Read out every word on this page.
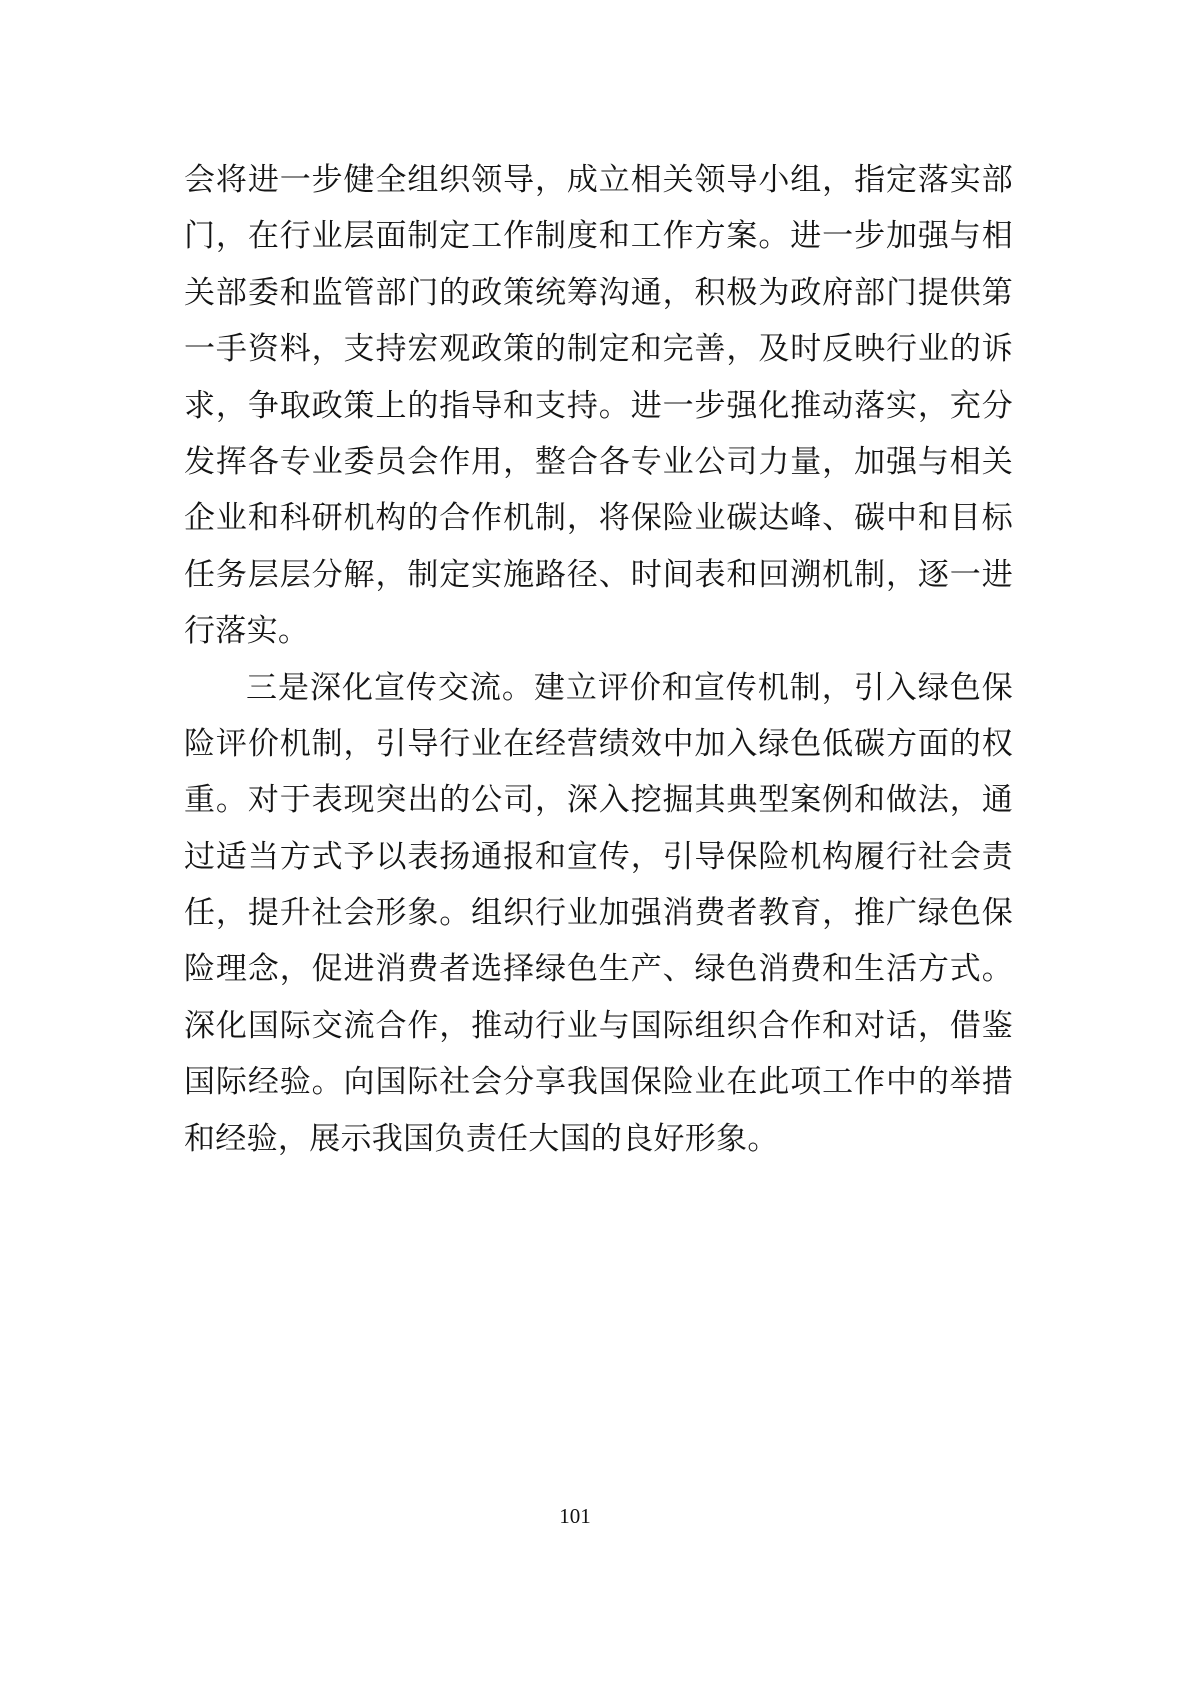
会将进一步健全组织领导，成立相关领导小组，指定落实部
门，在行业层面制定工作制度和工作方案。进一步加强与相
关部委和监管部门的政策统筹沟通，积极为政府部门提供第
一手资料，支持宏观政策的制定和完善，及时反映行业的诉
求，争取政策上的指导和支持。进一步强化推动落实，充分
发挥各专业委员会作用，整合各专业公司力量，加强与相关
企业和科研机构的合作机制，将保险业碳达峰、碳中和目标
任务层层分解，制定实施路径、时间表和回溯机制，逐一进
行落实。
三是深化宣传交流。建立评价和宣传机制，引入绿色保
险评价机制，引导行业在经营绩效中加入绿色低碳方面的权
重。对于表现突出的公司，深入挖掘其典型案例和做法，通
过适当方式予以表扬通报和宣传，引导保险机构履行社会责
任，提升社会形象。组织行业加强消费者教育，推广绿色保
险理念，促进消费者选择绿色生产、绿色消费和生活方式。
深化国际交流合作，推动行业与国际组织合作和对话，借鉴
国际经验。向国际社会分享我国保险业在此项工作中的举措
和经验，展示我国负责任大国的良好形象。
101
